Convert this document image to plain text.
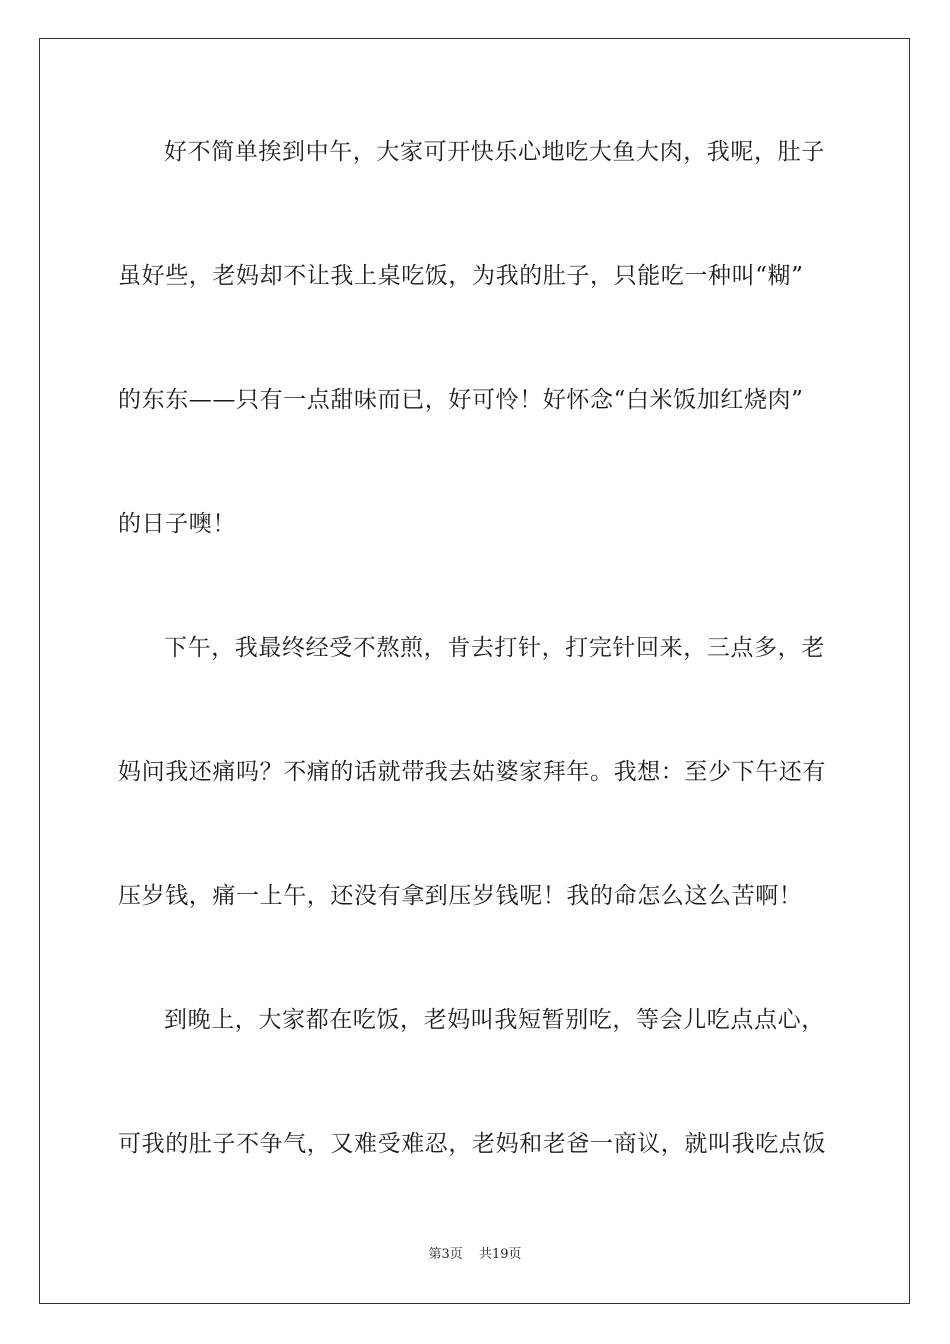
好不简单挨到中午，大家可开快乐心地吃大鱼大肉，我呢，肚子
虽好些，老妈却不让我上桌吃饭，为我的肚子，只能吃一种叫“糊”
的东东——只有一点甜味而已，好可怜！好怀念“白米饭加红烧肉”
的日子噢！
下午，我最终经受不熬煎，肯去打针，打完针回来，三点多，老
妈问我还痛吗？不痛的话就带我去姑婆家拜年。我想：至少下午还有
压岁钱，痛一上午，还没有拿到压岁钱呢！我的命怎么这么苦啊！
到晚上，大家都在吃饭，老妈叫我短暂别吃，等会儿吃点点心，
可我的肚子不争气，又难受难忍，老妈和老爸一商议，就叫我吃点饭
第3页 共19页
